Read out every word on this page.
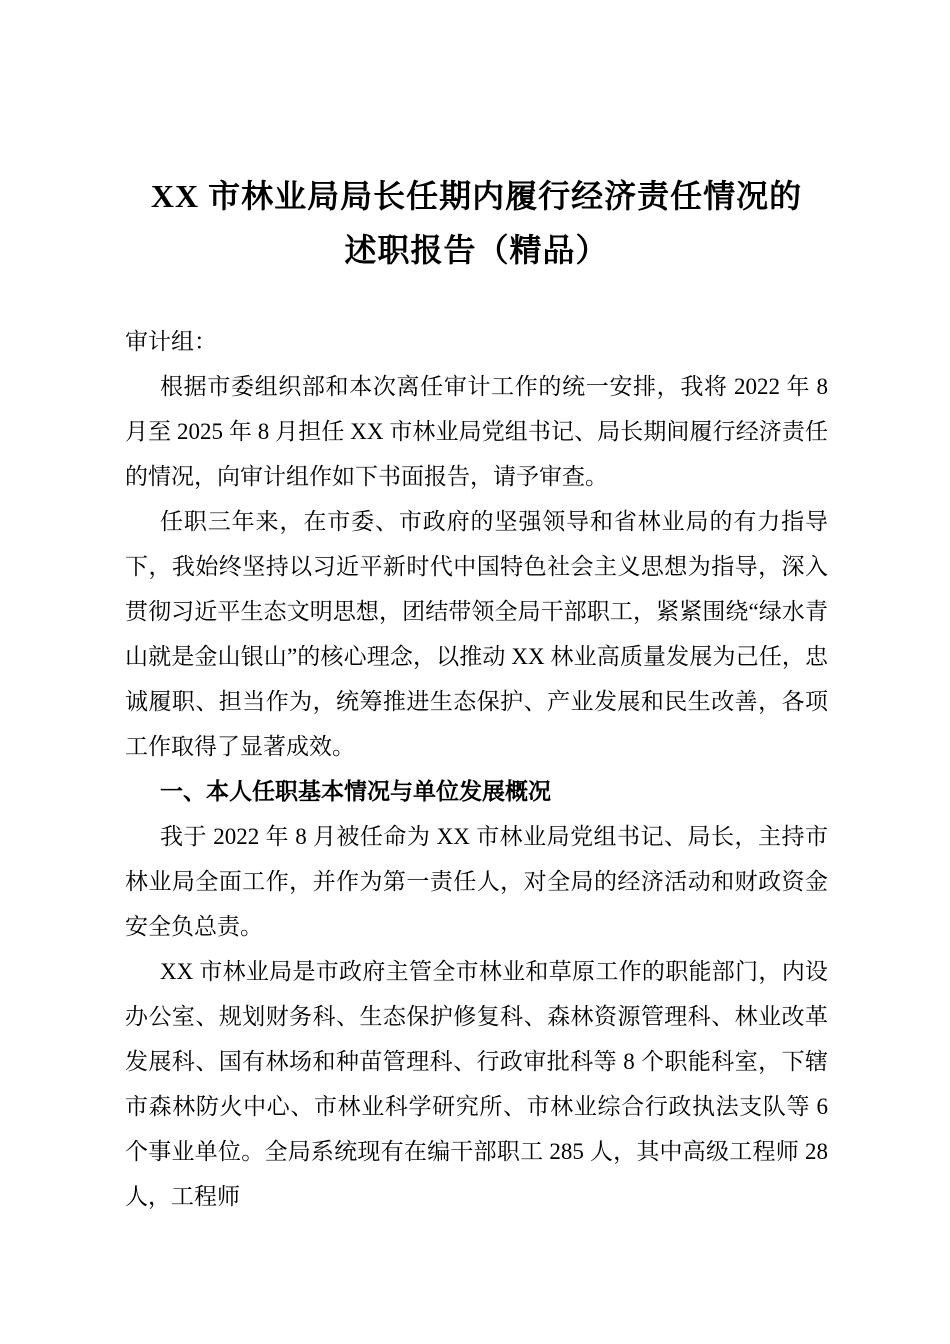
XX 市林业局局长任期内履行经济责任情况的
述职报告（精品）

审计组：

根据市委组织部和本次离任审计工作的统一安排，我将 2022 年 8 月至 2025 年 8 月担任 XX 市林业局党组书记、局长期间履行经济责任的情况，向审计组作如下书面报告，请予审查。

任职三年来，在市委、市政府的坚强领导和省林业局的有力指导下，我始终坚持以习近平新时代中国特色社会主义思想为指导，深入贯彻习近平生态文明思想，团结带领全局干部职工，紧紧围绕“绿水青山就是金山银山”的核心理念，以推动 XX 林业高质量发展为己任，忠诚履职、担当作为，统筹推进生态保护、产业发展和民生改善，各项工作取得了显著成效。

一、本人任职基本情况与单位发展概况

我于 2022 年 8 月被任命为 XX 市林业局党组书记、局长，主持市林业局全面工作，并作为第一责任人，对全局的经济活动和财政资金安全负总责。

XX 市林业局是市政府主管全市林业和草原工作的职能部门，内设办公室、规划财务科、生态保护修复科、森林资源管理科、林业改革发展科、国有林场和种苗管理科、行政审批科等 8 个职能科室，下辖市森林防火中心、市林业科学研究所、市林业综合行政执法支队等 6 个事业单位。全局系统现有在编干部职工 285 人，其中高级工程师 28 人，工程师
